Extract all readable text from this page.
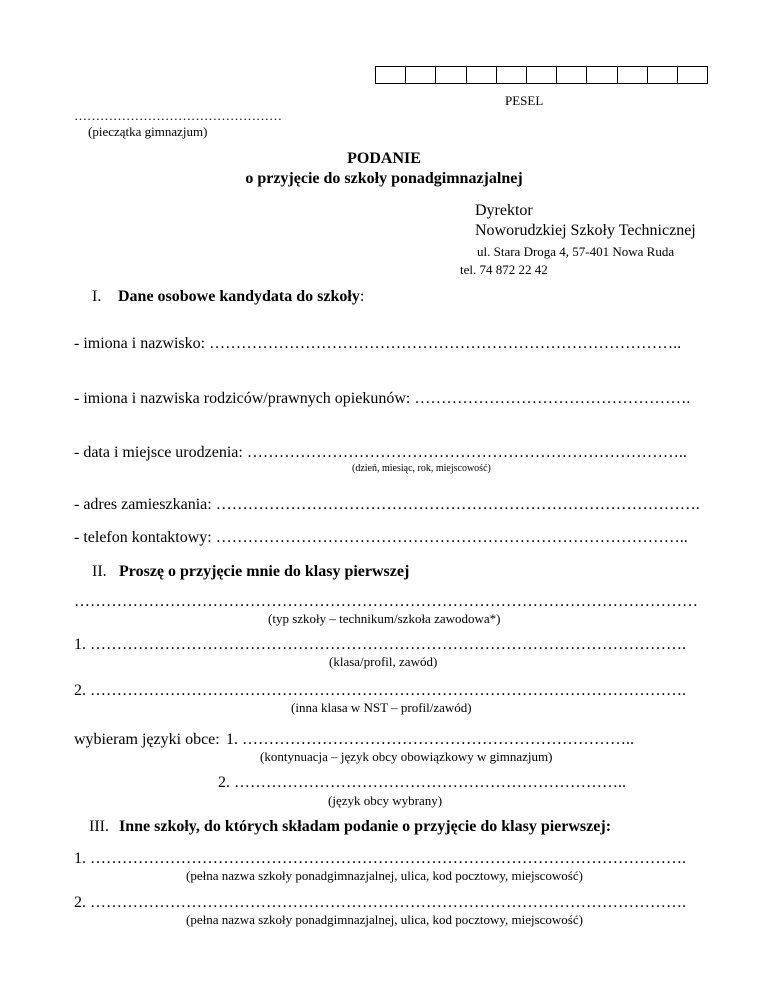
PESEL
…………………………………………
(pieczątka gimnazjum)
PODANIE
o przyjęcie do szkoły ponadgimnazjalnej
Dyrektor
Noworudzkiej Szkoły Technicznej
ul. Stara Droga 4, 57-401 Nowa Ruda
tel. 74 872 22 42
I. Dane osobowe kandydata do szkoły:
- imiona i nazwisko: ……………………………………………………………………………..
- imiona i nazwiska rodziców/prawnych opiekunów: …………………………………………….
- data i miejsce urodzenia: ………………………………………………………………………..
(dzień, miesiąc, rok, miejscowość)
- adres zamieszkania: ……………………………………………………………………………….
- telefon kontaktowy: ……………………………………………………………………………..
II. Proszę o przyjęcie mnie do klasy pierwszej
………………………………………………………………………………………………………
(typ szkoły – technikum/szkoła zawodowa*)
1. ………………………………………………………………………………………………….
(klasa/profil, zawód)
2. ………………………………………………………………………………………………….
(inna klasa w NST – profil/zawód)
wybieram języki obce: 1. ………………………………………………………………..
(kontynuacja – język obcy obowiązkowy w gimnazjum)
2. ………………………………………………………………..
(język obcy wybrany)
III. Inne szkoły, do których składam podanie o przyjęcie do klasy pierwszej:
1. ………………………………………………………………………………………………….
(pełna nazwa szkoły ponadgimnazjalnej, ulica, kod pocztowy, miejscowość)
2. ………………………………………………………………………………………………….
(pełna nazwa szkoły ponadgimnazjalnej, ulica, kod pocztowy, miejscowość)
